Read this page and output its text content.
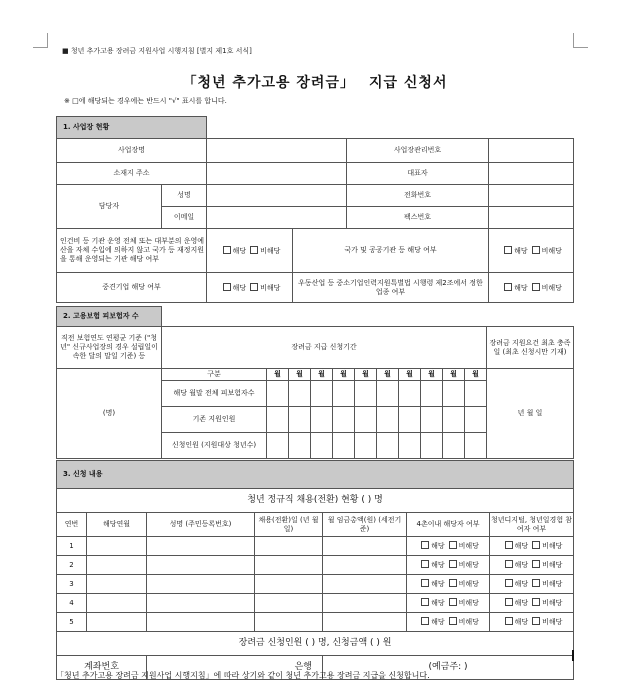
■ 청년 추가고용 장려금 지원사업 시행지침 [별지 제1호 서식]
「청년 추가고용 장려금」 지급 신청서
※ □에 해당되는 경우에는 반드시 "√" 표시를 합니다.
1. 사업장 현황					
사업장명				사업장관리번호	
소재지 주소				대표자	
담당자	성명			전화번호	
	이메일			팩스번호	
인건비 등 기관 운영 전체 또는 대부분의 운영예산을 자체 수입에 의하지 않고 국가 등 재정지원을 통해 운영되는 기관 해당 여부		해당 비해당	국가 및 공공기관 등 해당 여부		해당 비해당
중견기업 해당 여부		해당 비해당	우동산업 등 중소기업인력지원특별법 시행령 제2조에서 정한 업종 여부		해당 비해당
2. 고용보험 피보험자 수												
직전 보험연도 연평균 기준 ("청년" 신규사업장의 경우 설립일이 속한 달의 말일 기준) 등	장려금 지급 신청기간											장려금 지원요건 최초 충족일 (최초 신청시만 기재)
(명)	구분	월	월	월	월	월	월	월	월	월	월	년 월 일
	해당 월말 전체 피보험자수											
	기존 지원인원											
	신청인원 (지원대상 청년수)											
3. 신청 내용						
청년 정규직 채용(전환) 현황 ( ) 명						
연번	해당연월	성명 (주민등록번호)	채용(전환)일 (년 월 일)	월 임금총액(원) (세전기준)	4촌이내 해당자 여부	청년디지털, 청년일경험 참여자 여부
1					해당 비해당	해당 비해당
2					해당 비해당	해당 비해당
3					해당 비해당	해당 비해당
4					해당 비해당	해당 비해당
5					해당 비해당	해당 비해당
장려금 신청인원 ( ) 명, 신청금액 ( ) 원						
계좌번호		은행		(예금주: )		
「청년 추가고용 장려금 지원사업 시행지침」에 따라 상기와 같이 청년 추가고용 장려금 지급을 신청합니다.
